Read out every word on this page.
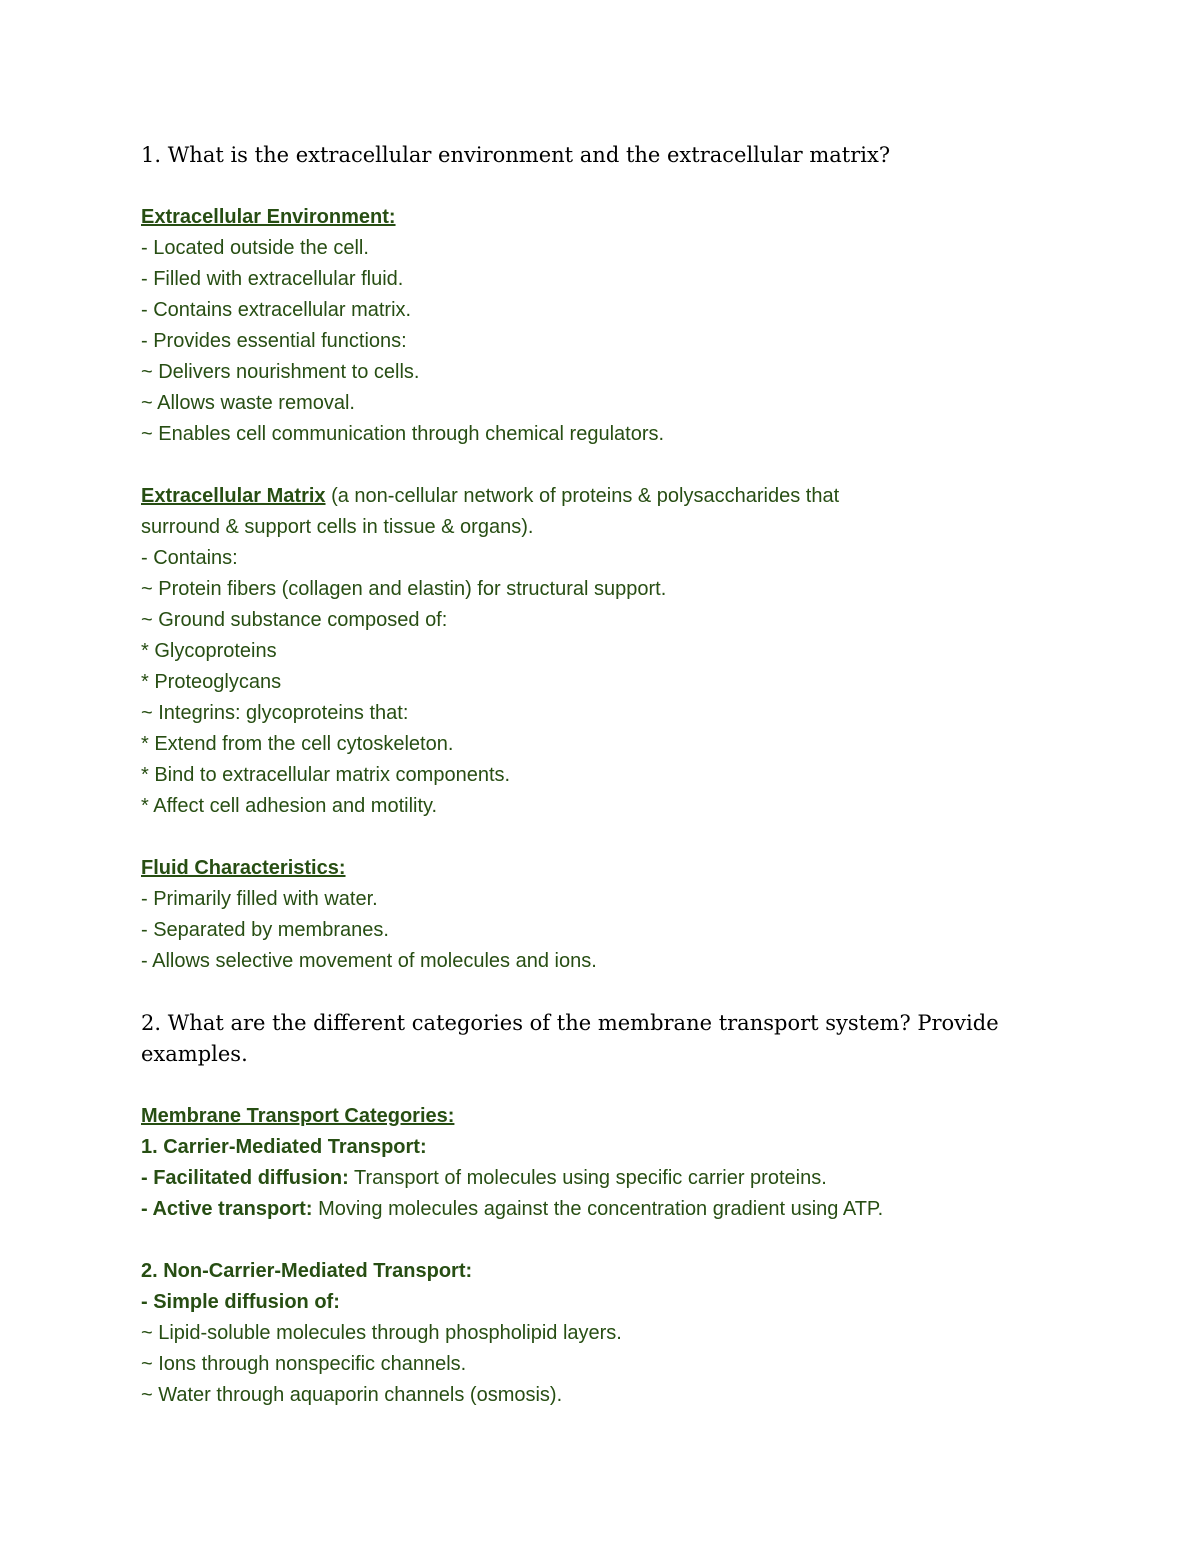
1. What is the extracellular environment and the extracellular matrix?
Extracellular Environment:
- Located outside the cell.
- Filled with extracellular fluid.
- Contains extracellular matrix.
- Provides essential functions:
~ Delivers nourishment to cells.
~ Allows waste removal.
~ Enables cell communication through chemical regulators.
Extracellular Matrix (a non-cellular network of proteins & polysaccharides that
surround & support cells in tissue & organs).
- Contains:
~ Protein fibers (collagen and elastin) for structural support.
~ Ground substance composed of:
* Glycoproteins
* Proteoglycans
~ Integrins: glycoproteins that:
* Extend from the cell cytoskeleton.
* Bind to extracellular matrix components.
* Affect cell adhesion and motility.
Fluid Characteristics:
- Primarily filled with water.
- Separated by membranes.
- Allows selective movement of molecules and ions.
2. What are the different categories of the membrane transport system? Provide
examples.
Membrane Transport Categories:
1. Carrier-Mediated Transport:
- Facilitated diffusion: Transport of molecules using specific carrier proteins.
- Active transport: Moving molecules against the concentration gradient using ATP.
2. Non-Carrier-Mediated Transport:
- Simple diffusion of:
~ Lipid-soluble molecules through phospholipid layers.
~ Ions through nonspecific channels.
~ Water through aquaporin channels (osmosis).
